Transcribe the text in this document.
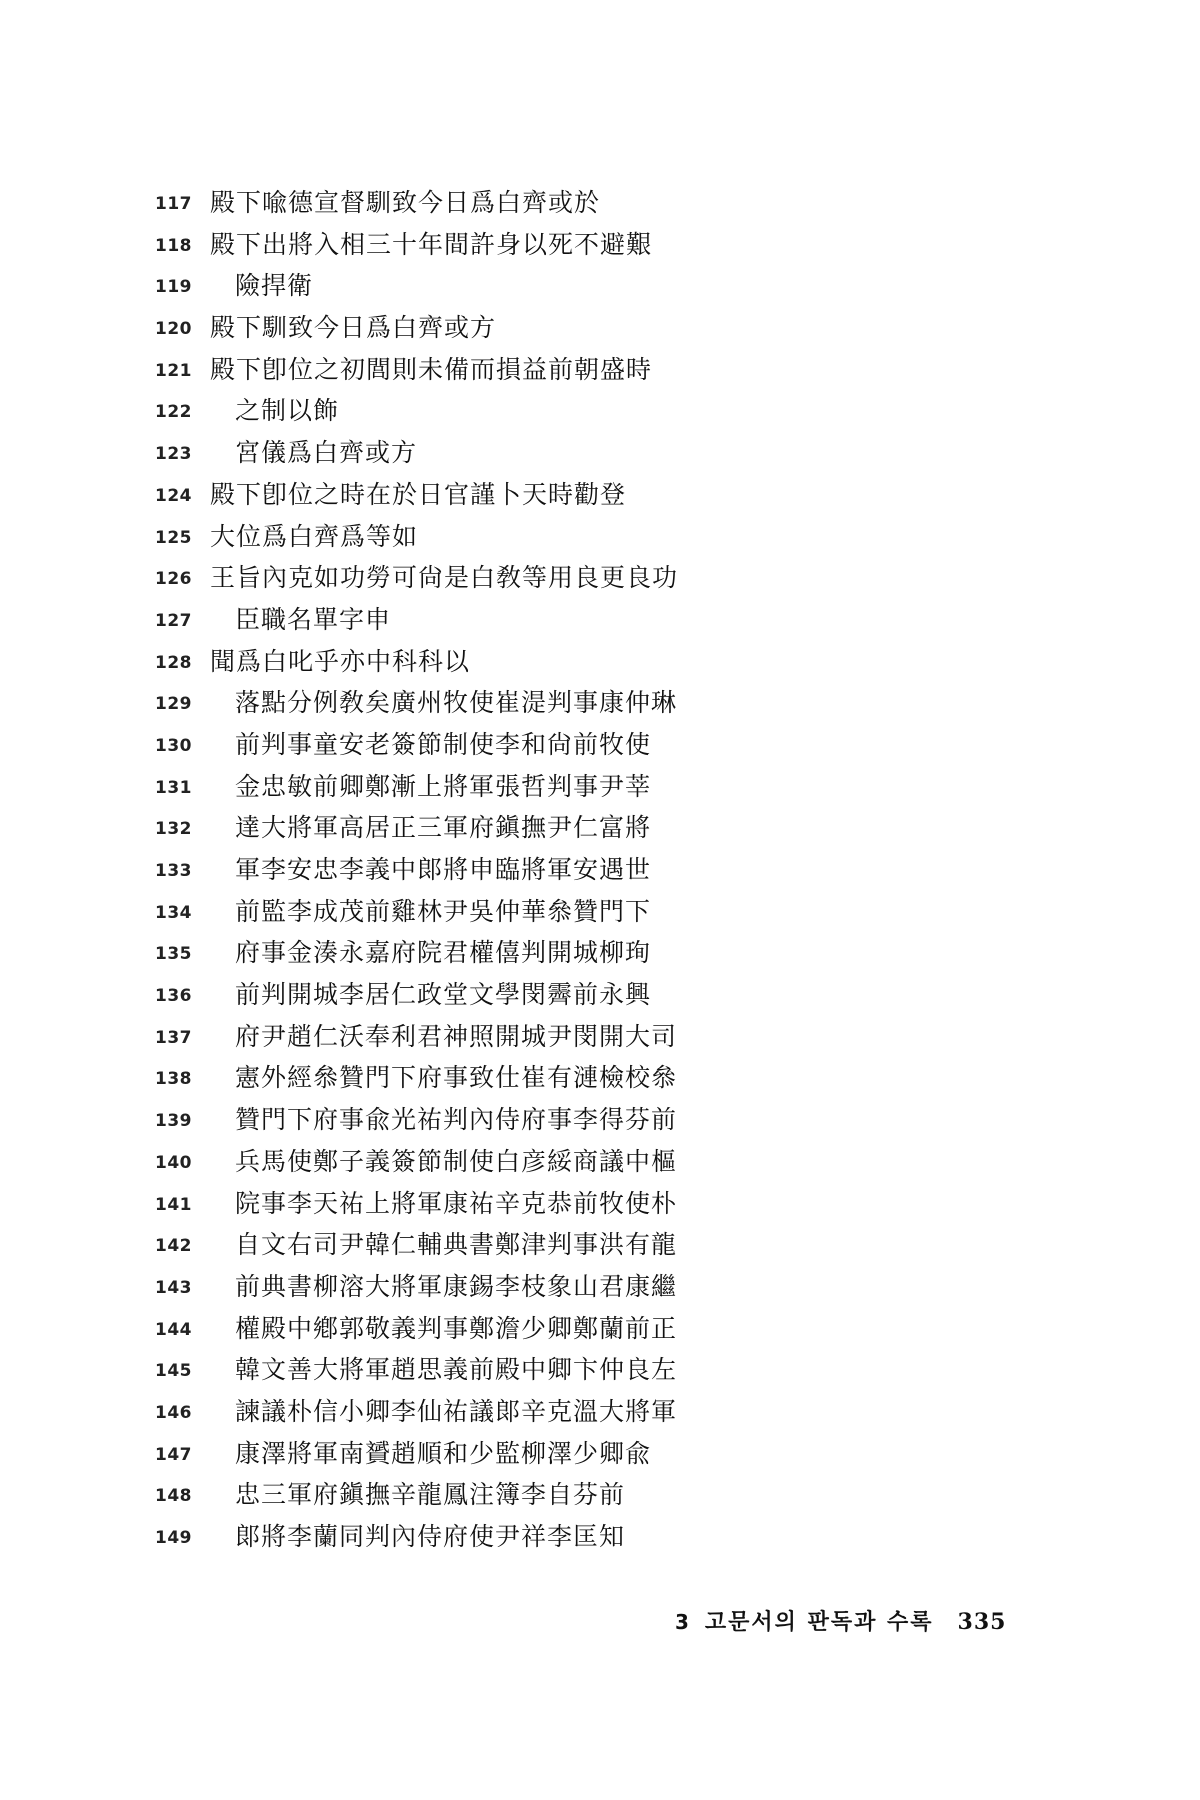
117 殿下喩德宣督馴致今日爲白齊或於
118 殿下出將入相三十年間許身以死不避艱
119	險捍衛
120 殿下馴致今日爲白齊或方
121 殿下卽位之初閭則未備而損益前朝盛時
122	之制以飾
123	宮儀爲白齊或方
124 殿下卽位之時在於日官謹卜天時勸登
125 大位爲白齊爲等如
126 王旨內克如功勞可尙是白敎等用良更良功
127	臣職名單字申
128 聞爲白叱乎亦中科科以
129	落點分例敎矣廣州牧使崔湜判事康仲琳
130	前判事童安老簽節制使李和尙前牧使
131	金忠敏前卿鄭漸上將軍張哲判事尹莘
132	達大將軍高居正三軍府鎭撫尹仁富將
133	軍李安忠李義中郞將申臨將軍安遇世
134	前監李成茂前雞林尹吳仲華叅贊門下
135	府事金湊永嘉府院君權僖判開城柳珣
136	前判開城李居仁政堂文學閔霽前永興
137	府尹趙仁沃奉利君神照開城尹閔開大司
138	憲外經叅贊門下府事致仕崔有漣檢校叅
139	贊門下府事兪光祐判內侍府事李得芬前
140	兵馬使鄭子義簽節制使白彦綏商議中樞
141	院事李天祐上將軍康祐辛克恭前牧使朴
142	自文右司尹韓仁輔典書鄭津判事洪有龍
143	前典書柳溶大將軍康錫李枝象山君康繼
144	權殿中鄕郭敬義判事鄭澹少卿鄭蘭前正
145	韓文善大將軍趙思義前殿中卿卞仲良左
146	諫議朴信小卿李仙祐議郞辛克溫大將軍
147	康澤將軍南贇趙順和少監柳澤少卿兪
148	忠三軍府鎭撫辛龍鳳注簿李自芬前
149	郞將李蘭同判內侍府使尹祥李匡知
3 고문서의 판독과 수록 335
